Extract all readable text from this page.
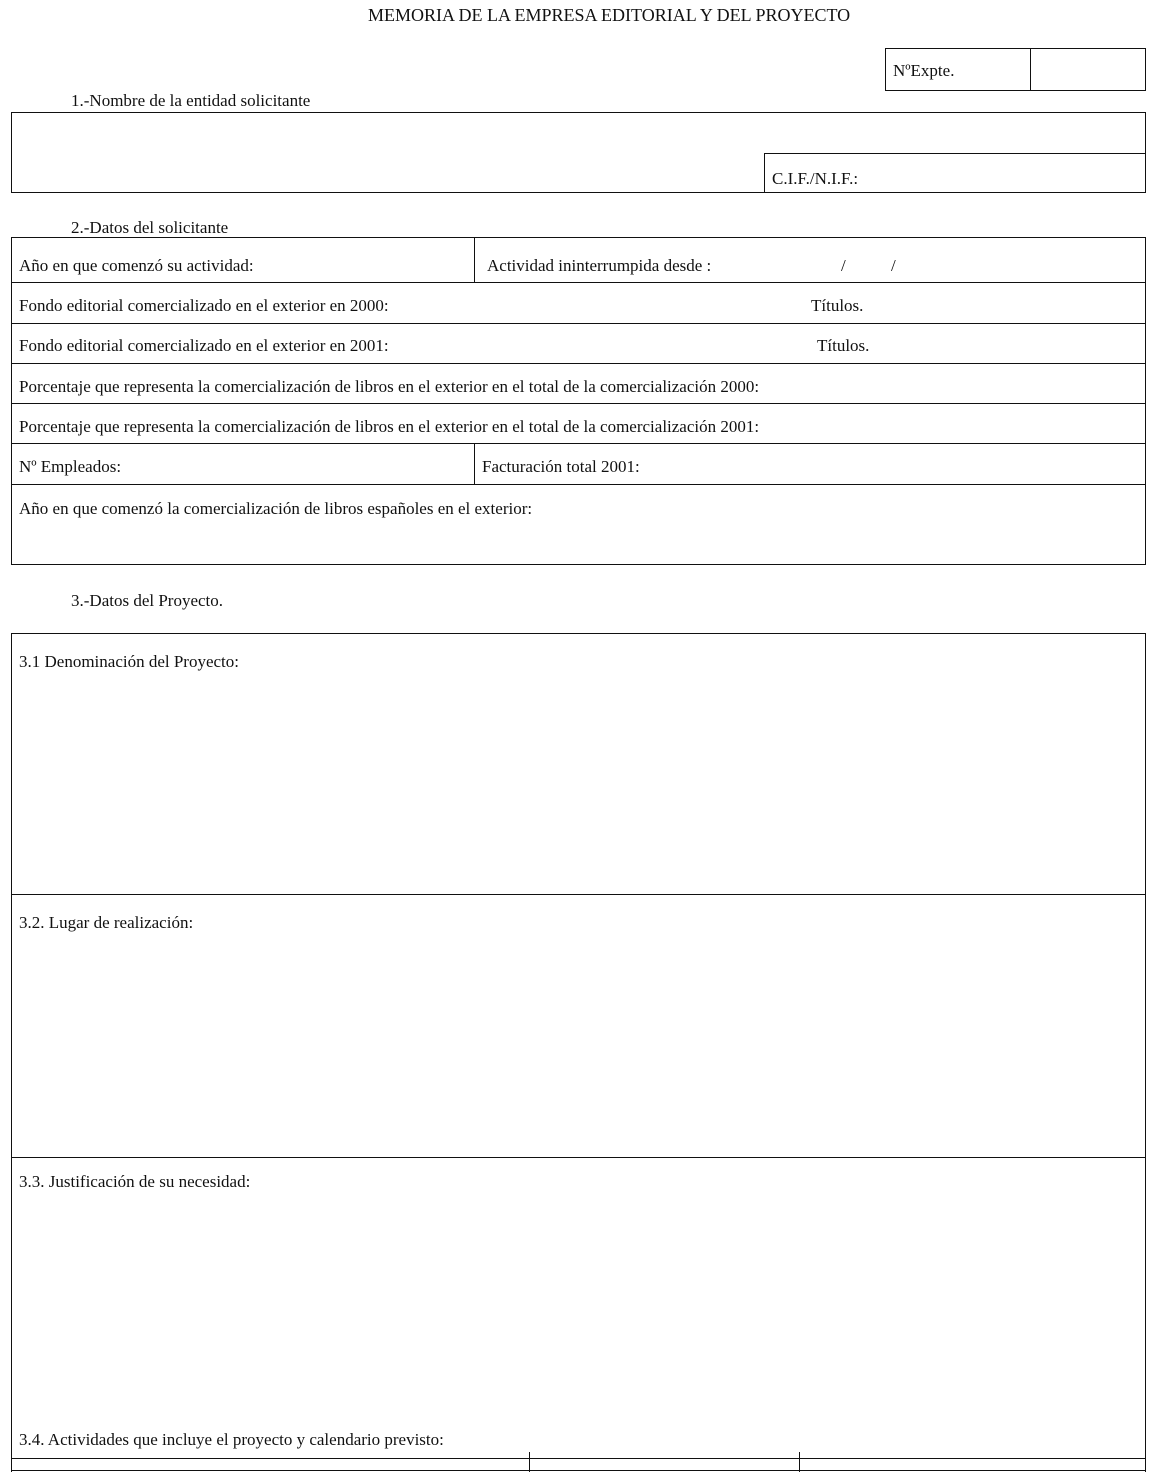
MEMORIA DE LA EMPRESA EDITORIAL Y DEL PROYECTO
NºExpte.
1.-Nombre de la entidad solicitante
C.I.F./N.I.F.:
2.-Datos del solicitante
Año en que comenzó su actividad:	Actividad ininterrumpida desde :	/	/
Fondo editorial comercializado en el exterior en 2000:	Títulos.
Fondo editorial comercializado en el exterior en 2001:	Títulos.
Porcentaje que representa la comercialización de libros en el exterior en el total de la comercialización 2000:
Porcentaje que representa la comercialización de libros en el exterior en el total de la comercialización 2001:
Nº Empleados:	Facturación total 2001:
Año en que comenzó la comercialización de libros españoles en el exterior:
3.-Datos del Proyecto.
3.1 Denominación del Proyecto:
3.2. Lugar de realización:
3.3. Justificación de su necesidad:
3.4. Actividades que incluye el proyecto y calendario previsto:
